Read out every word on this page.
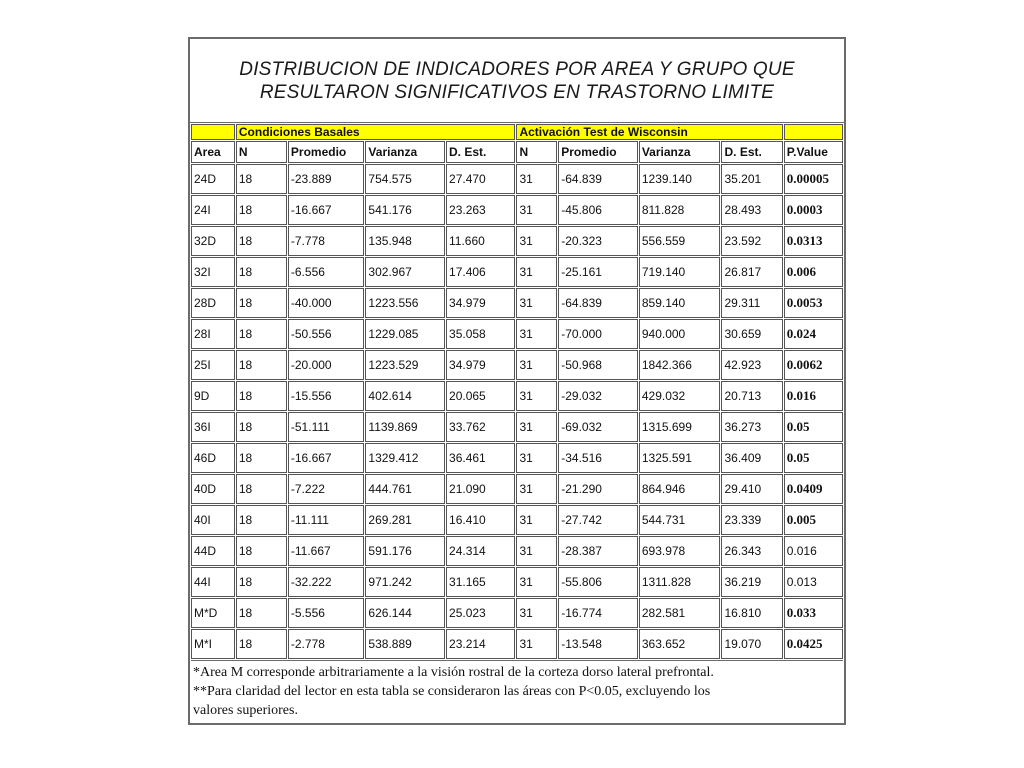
DISTRIBUCION DE INDICADORES POR AREA Y GRUPO QUE
RESULTARON SIGNIFICATIVOS EN TRASTORNO LIMITE
	Condiciones Basales				Activación Test de Wisconsin				
Area	N	Promedio	Varianza	D. Est.	N	Promedio	Varianza	D. Est.	P.Value
24D	18	-23.889	754.575	27.470	31	-64.839	1239.140	35.201	0.00005
24I	18	-16.667	541.176	23.263	31	-45.806	811.828	28.493	0.0003
32D	18	-7.778	135.948	11.660	31	-20.323	556.559	23.592	0.0313
32I	18	-6.556	302.967	17.406	31	-25.161	719.140	26.817	0.006
28D	18	-40.000	1223.556	34.979	31	-64.839	859.140	29.311	0.0053
28I	18	-50.556	1229.085	35.058	31	-70.000	940.000	30.659	0.024
25I	18	-20.000	1223.529	34.979	31	-50.968	1842.366	42.923	0.0062
9D	18	-15.556	402.614	20.065	31	-29.032	429.032	20.713	0.016
36I	18	-51.111	1139.869	33.762	31	-69.032	1315.699	36.273	0.05
46D	18	-16.667	1329.412	36.461	31	-34.516	1325.591	36.409	0.05
40D	18	-7.222	444.761	21.090	31	-21.290	864.946	29.410	0.0409
40I	18	-11.111	269.281	16.410	31	-27.742	544.731	23.339	0.005
44D	18	-11.667	591.176	24.314	31	-28.387	693.978	26.343	0.016
44I	18	-32.222	971.242	31.165	31	-55.806	1311.828	36.219	0.013
M*D	18	-5.556	626.144	25.023	31	-16.774	282.581	16.810	0.033
M*I	18	-2.778	538.889	23.214	31	-13.548	363.652	19.070	0.0425
*Area M corresponde arbitrariamente a la visión rostral de la corteza dorso lateral prefrontal.
**Para claridad del lector en esta tabla se consideraron las áreas con P<0.05, excluyendo los
valores superiores.
